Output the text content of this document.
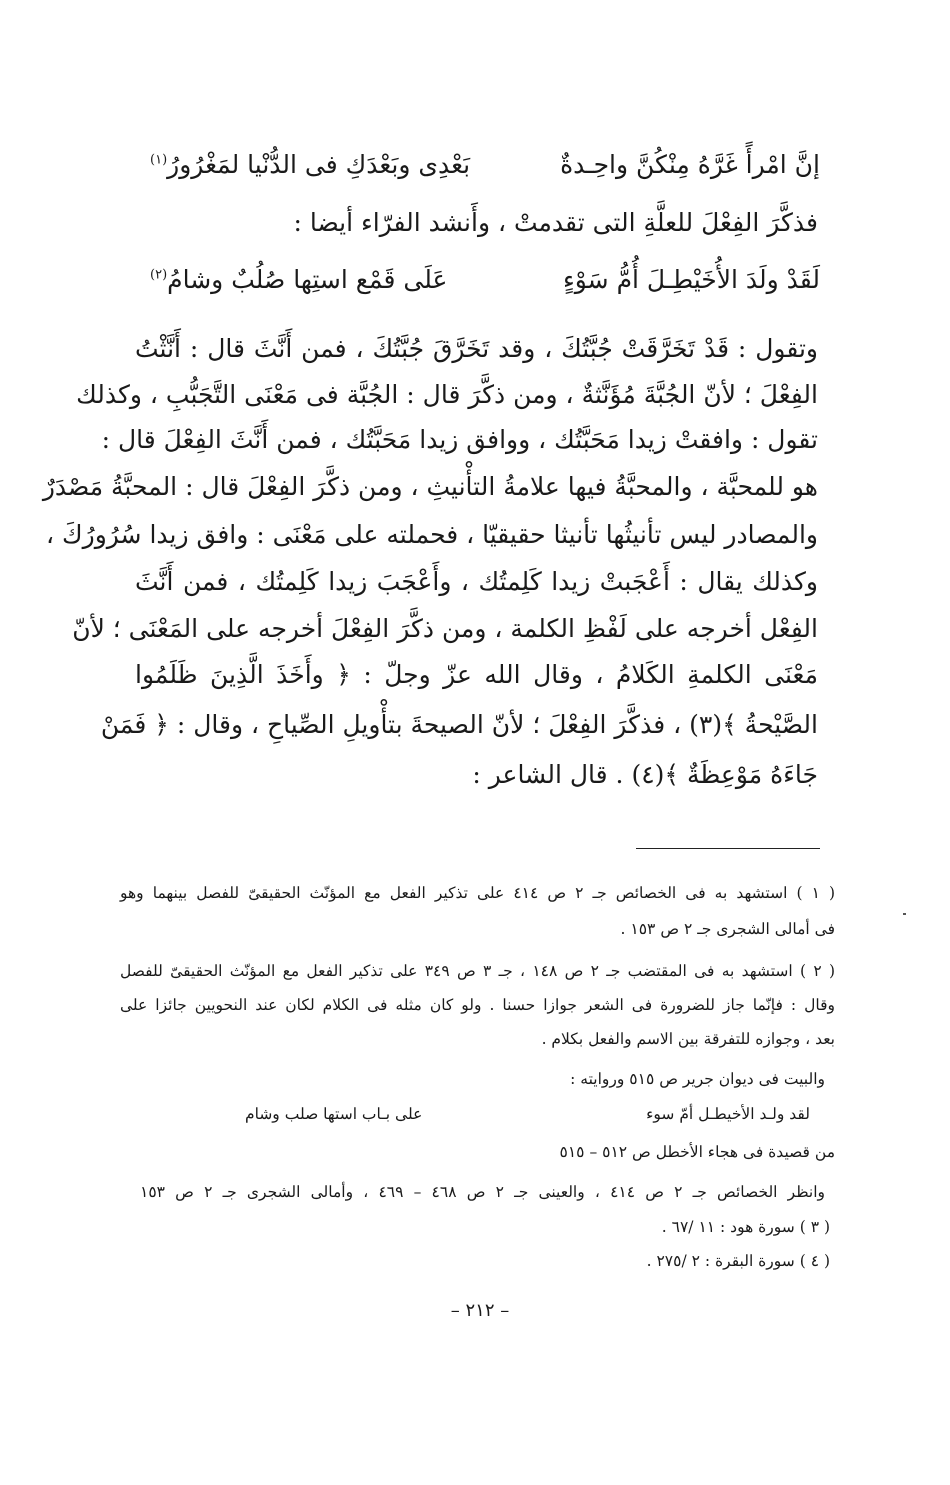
إنَّ امْرأً غَرَّهُ مِنْكُنَّ واحِـدةٌ
بَعْدِى وبَعْدَكِ فى الدُّنْيا لمَغْرُورُ$^{(١)}$
فذكَّرَ الفِعْلَ للعلَّةِ التى تقدمتْ ، وأَنشد الفرّاء أيضا :
لَقَدْ ولَدَ الأُخَيْطِـلَ أُمُّ سَوْءٍ
عَلَى قَمْع استِها صُلُبٌ وشامُ$^{(٢)}$
وتقول : قَدْ تَخَرَّقَتْ جُبَّتُكَ ، وقد تَخَرَّقَ جُبَّتُكَ ، فمن أَنَّثَ قال : أَنَّثْتُ
الفِعْلَ ؛ لأنّ الجُبَّةَ مُؤَنَّثةٌ ، ومن ذكَّرَ قال : الجُبَّة فى مَعْنَى التَّجَبُّبِ ، وكذلك
تقول : وافقتْ زيدا مَحَبَّتُك ، ووافق زيدا مَحَبَّتُك ، فمن أَنَّثَ الفِعْلَ قال :
هو للمحبَّة ، والمحبَّةُ فيها علامةُ التأْنيثِ ، ومن ذكَّرَ الفِعْلَ قال : المحبَّةُ مَصْدَرٌ
والمصادر ليس تأنيثُها تأنيثا حقيقيّا ، فحملته على مَعْنَى : وافق زيدا سُرُورُكَ ،
وكذلك يقال : أَعْجَبتْ زيدا كَلِمتُك ، وأَعْجَبَ زيدا كَلِمتُك ، فمن أَنَّثَ
الفِعْل أخرجه على لَفْظِ الكلمة ، ومن ذكَّرَ الفِعْلَ أخرجه على المَعْنَى ؛ لأنّ
مَعْنَى الكلمةِ الكَلامُ ، وقال الله عزّ وجلّ : ﴿ وأَخَذَ الَّذِينَ ظَلَمُوا
الصَّيْحةُ ﴾(٣) ، فذكَّرَ الفِعْلَ ؛ لأنّ الصيحةَ بتأْويلِ الصِّياحِ ، وقال : ﴿ فَمَنْ
جَاءَهُ مَوْعِظَةٌ ﴾(٤) . قال الشاعر :
( ١ ) استشهد به فى الخصائص جـ ٢ ص ٤١٤ على تذكير الفعل مع المؤنّث الحقيقىّ للفصل بينهما وهو
فى أمالى الشجرى جـ ٢ ص ١٥٣ .
( ٢ ) استشهد به فى المقتضب جـ ٢ ص ١٤٨ ، جـ ٣ ص ٣٤٩ على تذكير الفعل مع المؤنّث الحقيقىّ للفصل
وقال : فإنّما جاز للضرورة فى الشعر جوازا حسنا . ولو كان مثله فى الكلام لكان عند النحويين جائزا على
بعد ، وجوازه للتفرقة بين الاسم والفعل بكلام .
والبيت فى ديوان جرير ص ٥١٥ وروايته :
لقد ولـد الأخيطـل أمّ سوء
على بـاب استها صلب وشام
من قصيدة فى هجاء الأخطل ص ٥١٢ – ٥١٥
وانظر الخصائص جـ ٢ ص ٤١٤ ، والعينى جـ ٢ ص ٤٦٨ – ٤٦٩ ، وأمالى الشجرى جـ ٢ ص ١٥٣
( ٣ ) سورة هود : ١١ /٦٧ .
( ٤ ) سورة البقرة : ٢ /٢٧٥ .
– ٢١٢ –
